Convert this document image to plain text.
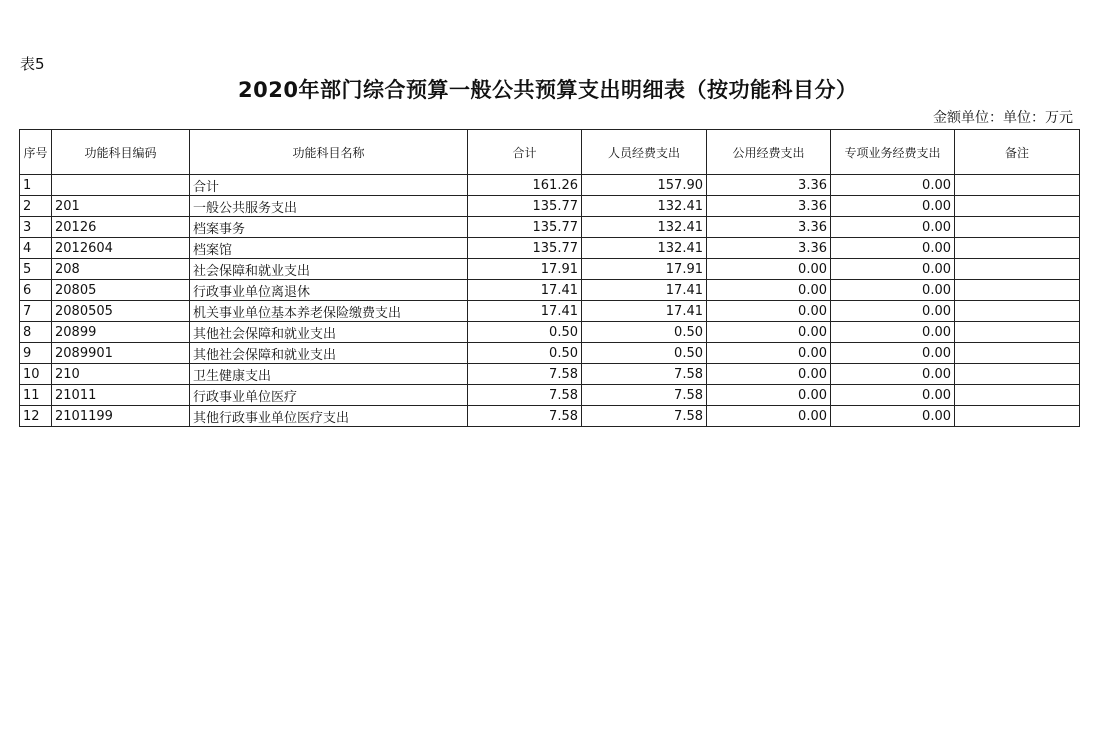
表5
2020年部门综合预算一般公共预算支出明细表（按功能科目分）
金额单位：单位：万元
序号	功能科目编码	功能科目名称	合计	人员经费支出	公用经费支出	专项业务经费支出	备注
1		合计	161.26	157.90	3.36	0.00	
2	201	一般公共服务支出	135.77	132.41	3.36	0.00	
3	20126	档案事务	135.77	132.41	3.36	0.00	
4	2012604	档案馆	135.77	132.41	3.36	0.00	
5	208	社会保障和就业支出	17.91	17.91	0.00	0.00	
6	20805	行政事业单位离退休	17.41	17.41	0.00	0.00	
7	2080505	机关事业单位基本养老保险缴费支出	17.41	17.41	0.00	0.00	
8	20899	其他社会保障和就业支出	0.50	0.50	0.00	0.00	
9	2089901	其他社会保障和就业支出	0.50	0.50	0.00	0.00	
10	210	卫生健康支出	7.58	7.58	0.00	0.00	
11	21011	行政事业单位医疗	7.58	7.58	0.00	0.00	
12	2101199	其他行政事业单位医疗支出	7.58	7.58	0.00	0.00	
